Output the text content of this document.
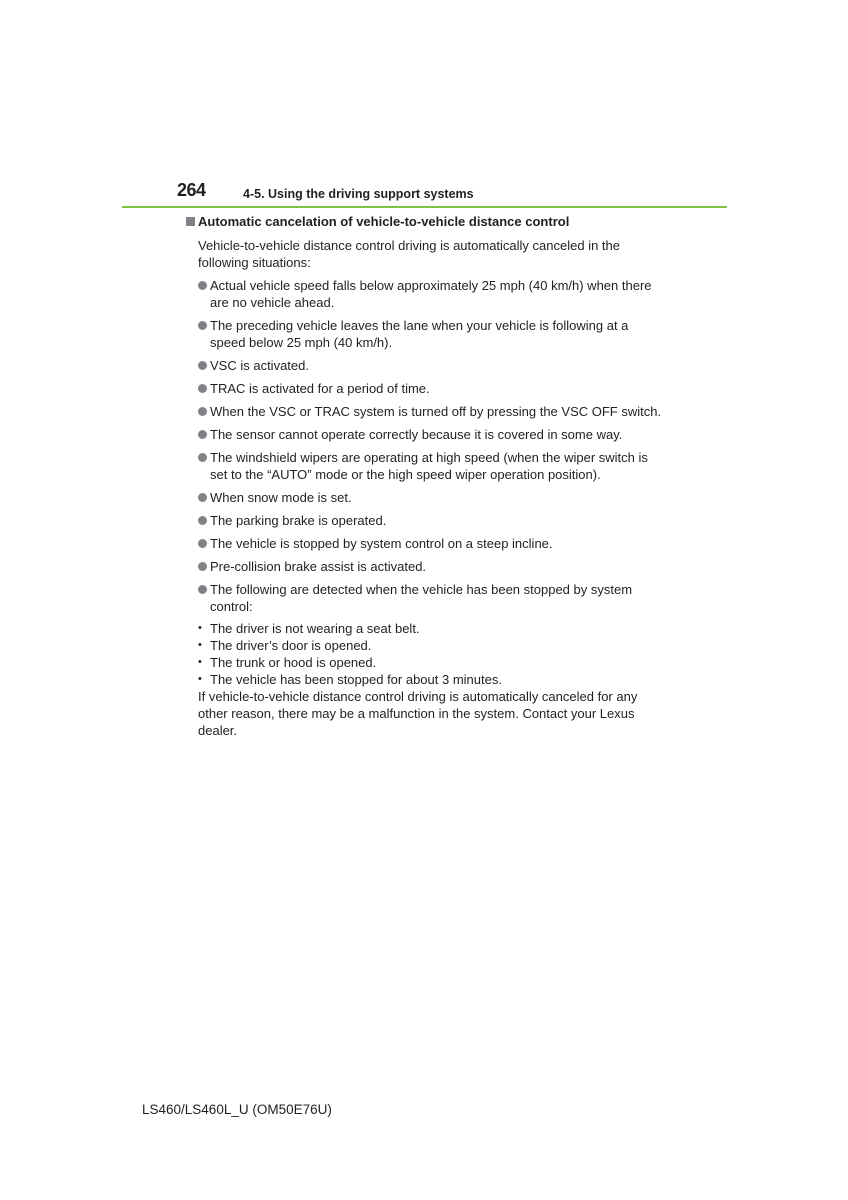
264	4-5. Using the driving support systems
Automatic cancelation of vehicle-to-vehicle distance control

Vehicle-to-vehicle distance control driving is automatically canceled in the following situations:

Actual vehicle speed falls below approximately 25 mph (40 km/h) when there are no vehicle ahead.
The preceding vehicle leaves the lane when your vehicle is following at a speed below 25 mph (40 km/h).
VSC is activated.
TRAC is activated for a period of time.
When the VSC or TRAC system is turned off by pressing the VSC OFF switch.
The sensor cannot operate correctly because it is covered in some way.
The windshield wipers are operating at high speed (when the wiper switch is set to the “AUTO” mode or the high speed wiper operation position).
When snow mode is set.
The parking brake is operated.
The vehicle is stopped by system control on a steep incline.
Pre-collision brake assist is activated.
The following are detected when the vehicle has been stopped by system control:
• The driver is not wearing a seat belt.
• The driver’s door is opened.
• The trunk or hood is opened.
• The vehicle has been stopped for about 3 minutes.

If vehicle-to-vehicle distance control driving is automatically canceled for any other reason, there may be a malfunction in the system. Contact your Lexus dealer.

LS460/LS460L_U (OM50E76U)
